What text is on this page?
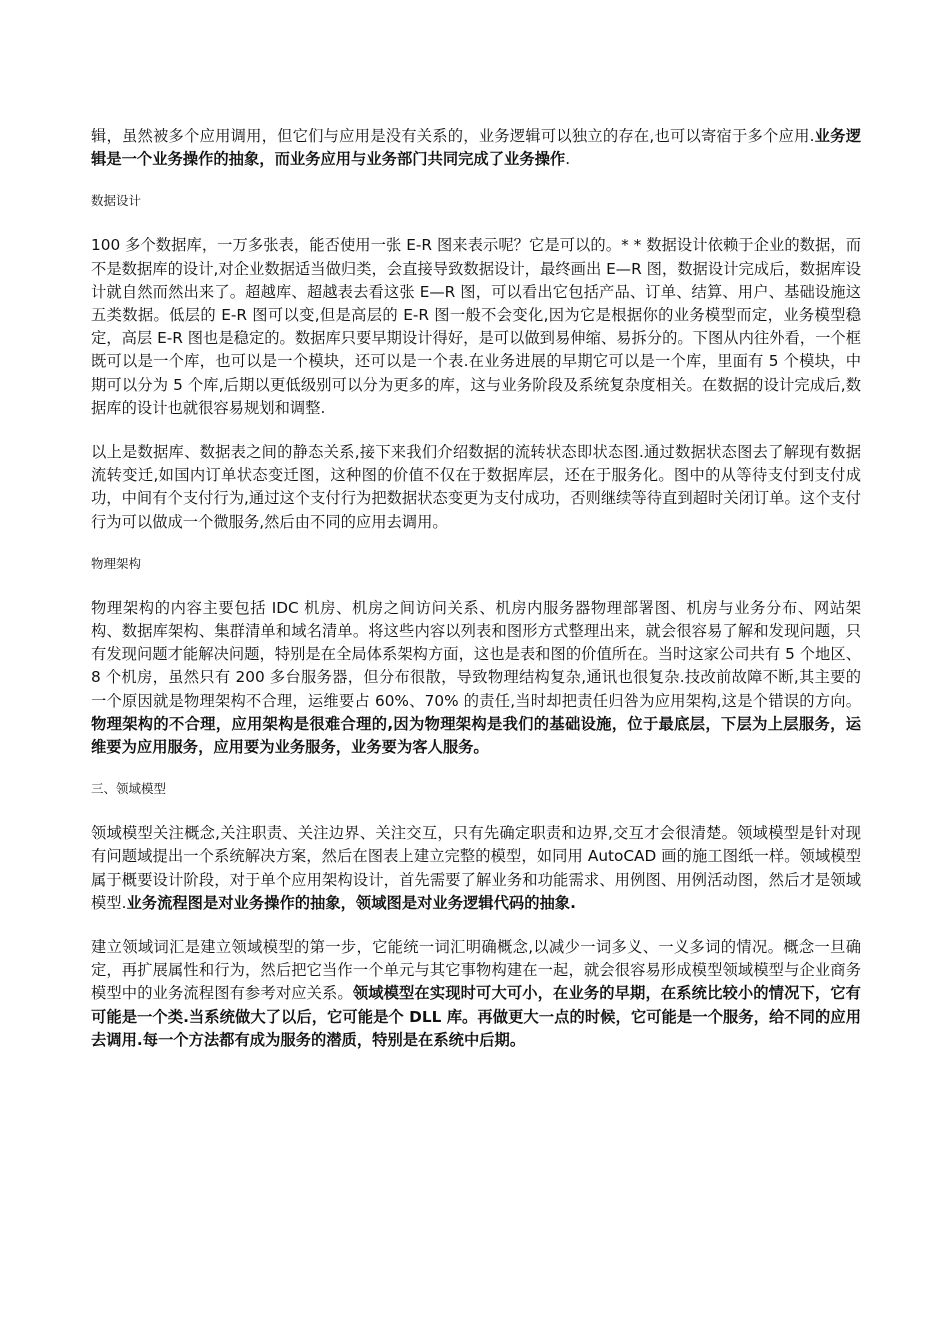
辑，虽然被多个应用调用，但它们与应用是没有关系的，业务逻辑可以独立的存在,也可以寄宿于多个应用.业务逻辑是一个业务操作的抽象，而业务应用与业务部门共同完成了业务操作.

数据设计

100 多个数据库，一万多张表，能否使用一张 E-R 图来表示呢？它是可以的。* * 数据设计依赖于企业的数据，而不是数据库的设计,对企业数据适当做归类，会直接导致数据设计，最终画出 E—R 图，数据设计完成后，数据库设计就自然而然出来了。超越库、超越表去看这张 E—R 图，可以看出它包括产品、订单、结算、用户、基础设施这五类数据。低层的 E-R 图可以变,但是高层的 E-R 图一般不会变化,因为它是根据你的业务模型而定，业务模型稳定，高层 E-R 图也是稳定的。数据库只要早期设计得好，是可以做到易伸缩、易拆分的。下图从内往外看，一个框既可以是一个库，也可以是一个模块，还可以是一个表.在业务进展的早期它可以是一个库，里面有 5 个模块，中期可以分为 5 个库,后期以更低级别可以分为更多的库，这与业务阶段及系统复杂度相关。在数据的设计完成后,数据库的设计也就很容易规划和调整.

以上是数据库、数据表之间的静态关系,接下来我们介绍数据的流转状态即状态图.通过数据状态图去了解现有数据流转变迁,如国内订单状态变迁图，这种图的价值不仅在于数据库层，还在于服务化。图中的从等待支付到支付成功，中间有个支付行为,通过这个支付行为把数据状态变更为支付成功，否则继续等待直到超时关闭订单。这个支付行为可以做成一个微服务,然后由不同的应用去调用。

物理架构

物理架构的内容主要包括 IDC 机房、机房之间访问关系、机房内服务器物理部署图、机房与业务分布、网站架构、数据库架构、集群清单和域名清单。将这些内容以列表和图形方式整理出来，就会很容易了解和发现问题，只有发现问题才能解决问题，特别是在全局体系架构方面，这也是表和图的价值所在。当时这家公司共有 5 个地区、8 个机房，虽然只有 200 多台服务器，但分布很散，导致物理结构复杂,通讯也很复杂.技改前故障不断,其主要的一个原因就是物理架构不合理，运维要占 60%、70% 的责任,当时却把责任归咎为应用架构,这是个错误的方向。物理架构的不合理，应用架构是很难合理的,因为物理架构是我们的基础设施，位于最底层，下层为上层服务，运维要为应用服务，应用要为业务服务，业务要为客人服务。

三、领域模型

领域模型关注概念,关注职责、关注边界、关注交互，只有先确定职责和边界,交互才会很清楚。领域模型是针对现有问题域提出一个系统解决方案，然后在图表上建立完整的模型，如同用 AutoCAD 画的施工图纸一样。领域模型属于概要设计阶段，对于单个应用架构设计，首先需要了解业务和功能需求、用例图、用例活动图，然后才是领域模型.业务流程图是对业务操作的抽象，领域图是对业务逻辑代码的抽象.

建立领域词汇是建立领域模型的第一步，它能统一词汇明确概念,以减少一词多义、一义多词的情况。概念一旦确定，再扩展属性和行为，然后把它当作一个单元与其它事物构建在一起，就会很容易形成模型领域模型与企业商务模型中的业务流程图有参考对应关系。领域模型在实现时可大可小，在业务的早期，在系统比较小的情况下，它有可能是一个类.当系统做大了以后，它可能是个 DLL 库。再做更大一点的时候，它可能是一个服务，给不同的应用去调用.每一个方法都有成为服务的潜质，特别是在系统中后期。
